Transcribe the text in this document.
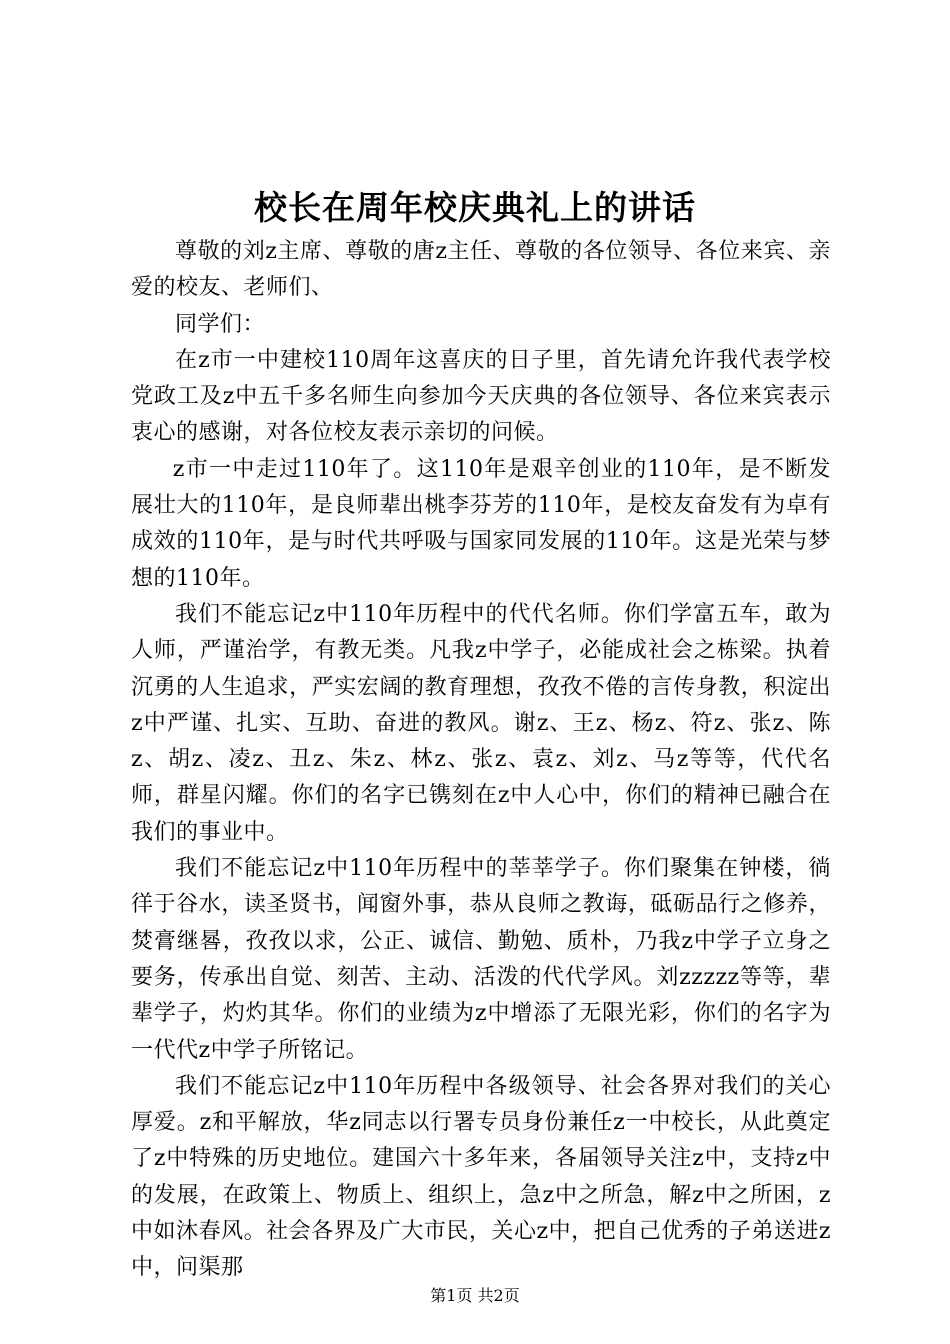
校长在周年校庆典礼上的讲话

尊敬的刘z主席、尊敬的唐z主任、尊敬的各位领导、各位来宾、亲爱的校友、老师们、

同学们：

在z市一中建校110周年这喜庆的日子里，首先请允许我代表学校党政工及z中五千多名师生向参加今天庆典的各位领导、各位来宾表示衷心的感谢，对各位校友表示亲切的问候。

z市一中走过110年了。这110年是艰辛创业的110年，是不断发展壮大的110年，是良师辈出桃李芬芳的110年，是校友奋发有为卓有成效的110年，是与时代共呼吸与国家同发展的110年。这是光荣与梦想的110年。

我们不能忘记z中110年历程中的代代名师。你们学富五车，敢为人师，严谨治学，有教无类。凡我z中学子，必能成社会之栋梁。执着沉勇的人生追求，严实宏阔的教育理想，孜孜不倦的言传身教，积淀出z中严谨、扎实、互助、奋进的教风。谢z、王z、杨z、符z、张z、陈z、胡z、凌z、丑z、朱z、林z、张z、袁z、刘z、马z等等，代代名师，群星闪耀。你们的名字已镌刻在z中人心中，你们的精神已融合在我们的事业中。

我们不能忘记z中110年历程中的莘莘学子。你们聚集在钟楼，徜徉于谷水，读圣贤书，闻窗外事，恭从良师之教诲，砥砺品行之修养，焚膏继晷，孜孜以求，公正、诚信、勤勉、质朴，乃我z中学子立身之要务，传承出自觉、刻苦、主动、活泼的代代学风。刘zzzzz等等，辈辈学子，灼灼其华。你们的业绩为z中增添了无限光彩，你们的名字为一代代z中学子所铭记。

我们不能忘记z中110年历程中各级领导、社会各界对我们的关心厚爱。z和平解放，华z同志以行署专员身份兼任z一中校长，从此奠定了z中特殊的历史地位。建国六十多年来，各届领导关注z中，支持z中的发展，在政策上、物质上、组织上，急z中之所急，解z中之所困，z中如沐春风。社会各界及广大市民，关心z中，把自己优秀的子弟送进z中，问渠那

第1页 共2页
